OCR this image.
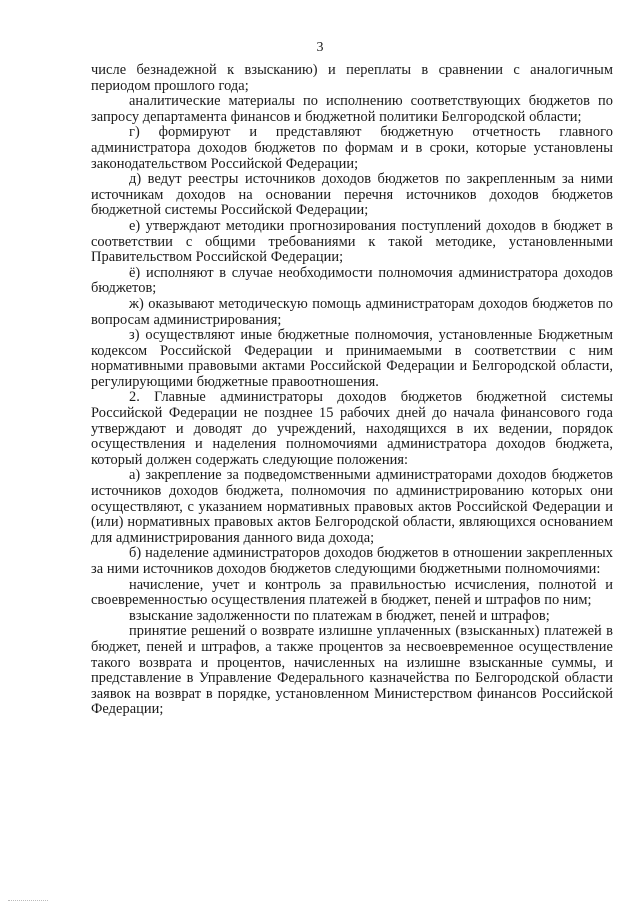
3

числе безнадежной к взысканию) и переплаты в сравнении с аналогичным периодом прошлого года;

аналитические материалы по исполнению соответствующих бюджетов по запросу департамента финансов и бюджетной политики Белгородской области;

г) формируют и представляют бюджетную отчетность главного администратора доходов бюджетов по формам и в сроки, которые установлены законодательством Российской Федерации;

д) ведут реестры источников доходов бюджетов по закрепленным за ними источникам доходов на основании перечня источников доходов бюджетов бюджетной системы Российской Федерации;

е) утверждают методики прогнозирования поступлений доходов в бюджет в соответствии с общими требованиями к такой методике, установленными Правительством Российской Федерации;

ё) исполняют в случае необходимости полномочия администратора доходов бюджетов;

ж) оказывают методическую помощь администраторам доходов бюджетов по вопросам администрирования;

з) осуществляют иные бюджетные полномочия, установленные Бюджетным кодексом Российской Федерации и принимаемыми в соответствии с ним нормативными правовыми актами Российской Федерации и Белгородской области, регулирующими бюджетные правоотношения.

2. Главные администраторы доходов бюджетов бюджетной системы Российской Федерации не позднее 15 рабочих дней до начала финансового года утверждают и доводят до учреждений, находящихся в их ведении, порядок осуществления и наделения полномочиями администратора доходов бюджета, который должен содержать следующие положения:

а) закрепление за подведомственными администраторами доходов бюджетов источников доходов бюджета, полномочия по администрированию которых они осуществляют, с указанием нормативных правовых актов Российской Федерации и (или) нормативных правовых актов Белгородской области, являющихся основанием для администрирования данного вида дохода;

б) наделение администраторов доходов бюджетов в отношении закрепленных за ними источников доходов бюджетов следующими бюджетными полномочиями:

начисление, учет и контроль за правильностью исчисления, полнотой и своевременностью осуществления платежей в бюджет, пеней и штрафов по ним;

взыскание задолженности по платежам в бюджет, пеней и штрафов;

принятие решений о возврате излишне уплаченных (взысканных) платежей в бюджет, пеней и штрафов, а также процентов за несвоевременное осуществление такого возврата и процентов, начисленных на излишне взысканные суммы, и представление в Управление Федерального казначейства по Белгородской области заявок на возврат в порядке, установленном Министерством финансов Российской Федерации;
